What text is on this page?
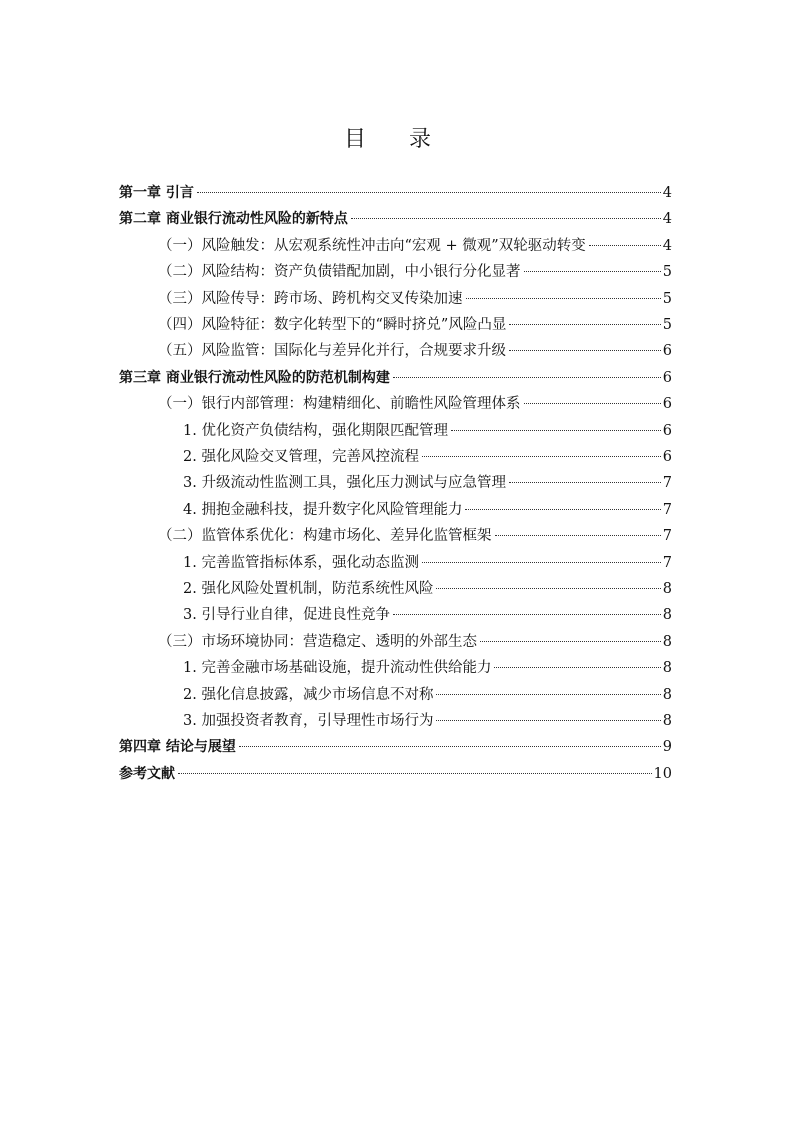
目 录
第一章 引言	4
第二章 商业银行流动性风险的新特点	4
（一）风险触发：从宏观系统性冲击向“宏观 + 微观”双轮驱动转变	4
（二）风险结构：资产负债错配加剧，中小银行分化显著	5
（三）风险传导：跨市场、跨机构交叉传染加速	5
（四）风险特征：数字化转型下的“瞬时挤兑”风险凸显	5
（五）风险监管：国际化与差异化并行，合规要求升级	6
第三章 商业银行流动性风险的防范机制构建	6
（一）银行内部管理：构建精细化、前瞻性风险管理体系	6
1. 优化资产负债结构，强化期限匹配管理	6
2. 强化风险交叉管理，完善风控流程	6
3. 升级流动性监测工具，强化压力测试与应急管理	7
4. 拥抱金融科技，提升数字化风险管理能力	7
（二）监管体系优化：构建市场化、差异化监管框架	7
1. 完善监管指标体系，强化动态监测	7
2. 强化风险处置机制，防范系统性风险	8
3. 引导行业自律，促进良性竞争	8
（三）市场环境协同：营造稳定、透明的外部生态	8
1. 完善金融市场基础设施，提升流动性供给能力	8
2. 强化信息披露，减少市场信息不对称	8
3. 加强投资者教育，引导理性市场行为	8
第四章 结论与展望	9
参考文献	10
